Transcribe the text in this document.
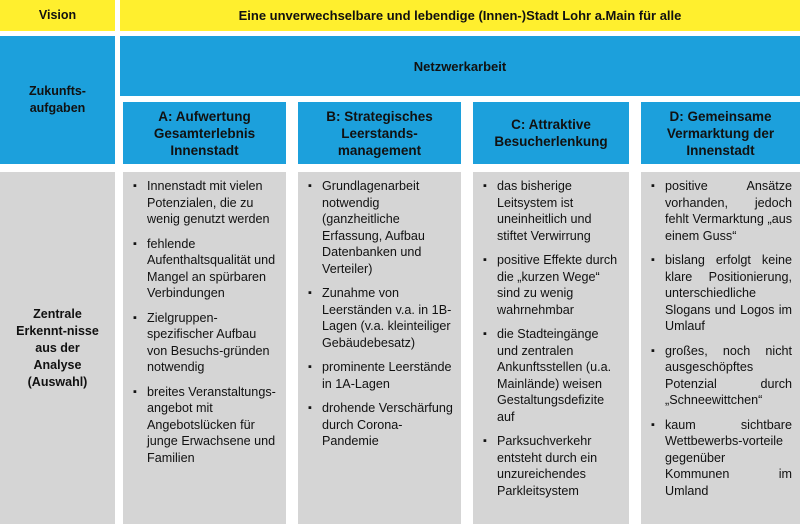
Vision
Zukunfts-
aufgaben
Zentrale Erkennt-nisse aus der Analyse (Auswahl)
Eine unverwechselbare und lebendige (Innen-)Stadt Lohr a.Main für alle
Netzwerkarbeit
A: Aufwertung Gesamterlebnis Innenstadt
B: Strategisches Leerstands-management
C: Attraktive Besucherlenkung
D: Gemeinsame Vermarktung der Innenstadt
▪ Innenstadt mit vielen Potenzialen, die zu wenig genutzt werden
▪ fehlende Aufenthaltsqualität und Mangel an spürbaren Verbindungen
▪ Zielgruppen-spezifischer Aufbau von Besuchs-gründen notwendig
▪ breites Veranstaltungs-angebot mit Angebotslücken für junge Erwachsene und Familien
▪ Grundlagenarbeit notwendig (ganzheitliche Erfassung, Aufbau Datenbanken und Verteiler)
▪ Zunahme von Leerständen v.a. in 1B-Lagen (v.a. kleinteiliger Gebäudebesatz)
▪ prominente Leerstände in 1A-Lagen
▪ drohende Verschärfung durch Corona-Pandemie
▪ das bisherige Leitsystem ist uneinheitlich und stiftet Verwirrung
▪ positive Effekte durch die „kurzen Wege“ sind zu wenig wahrnehmbar
▪ die Stadteingänge und zentralen Ankunftsstellen (u.a. Mainlände) weisen Gestaltungsdefizite auf
▪ Parksuchverkehr entsteht durch ein unzureichendes Parkleitsystem
▪ positive Ansätze vorhanden, jedoch fehlt Vermarktung „aus einem Guss“
▪ bislang erfolgt keine klare Positionierung, unterschiedliche Slogans und Logos im Umlauf
▪ großes, noch nicht ausgeschöpftes Potenzial durch „Schneewittchen“
▪ kaum sichtbare Wettbewerbs-vorteile gegenüber Kommunen im Umland
